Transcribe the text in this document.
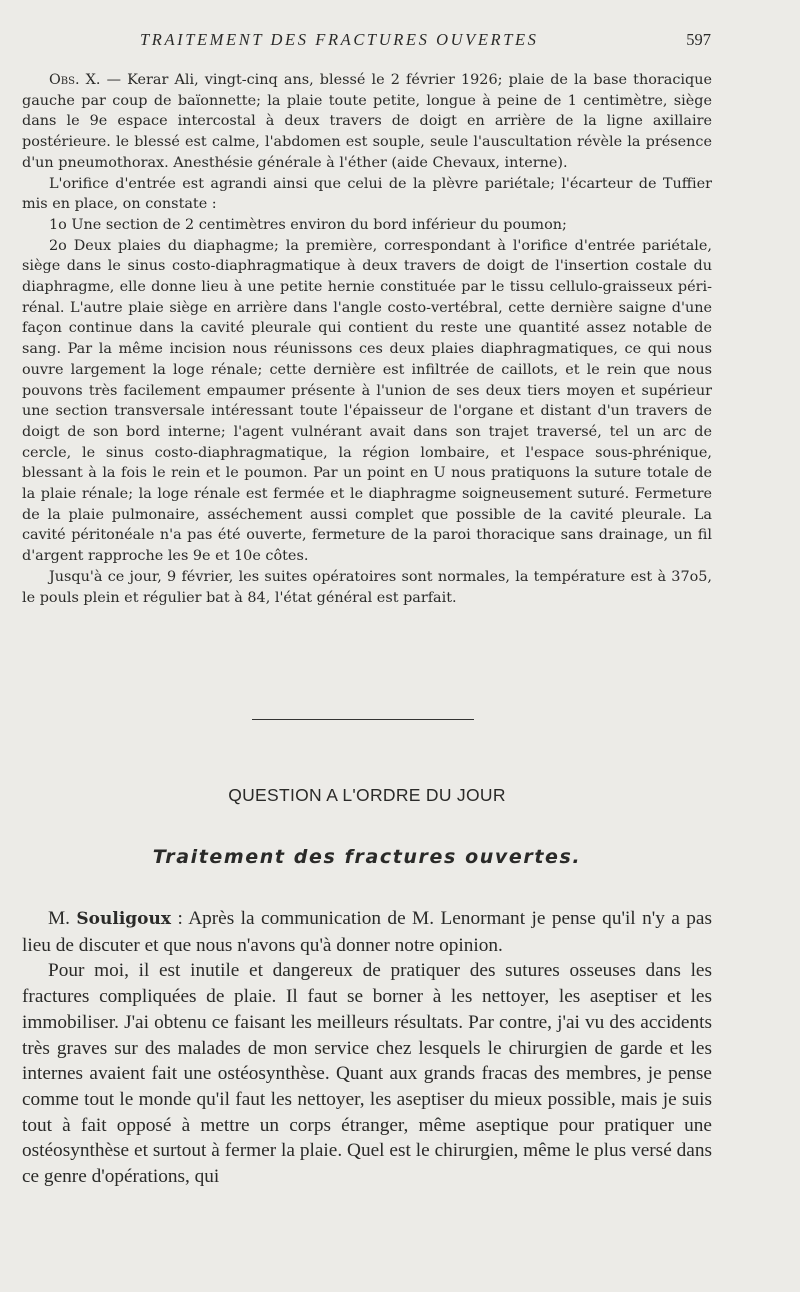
TRAITEMENT DES FRACTURES OUVERTES	597

Obs. X. — Kerar Ali, vingt-cinq ans, blessé le 2 février 1926; plaie de la base thoracique gauche par coup de baïonnette; la plaie toute petite, longue à peine de 1 centimètre, siège dans le 9e espace intercostal à deux travers de doigt en arrière de la ligne axillaire postérieure. le blessé est calme, l'abdomen est souple, seule l'auscultation révèle la présence d'un pneumothorax. Anesthésie générale à l'éther (aide Chevaux, interne).

L'orifice d'entrée est agrandi ainsi que celui de la plèvre pariétale; l'écarteur de Tuffier mis en place, on constate :

1o Une section de 2 centimètres environ du bord inférieur du poumon;

2o Deux plaies du diaphagme; la première, correspondant à l'orifice d'entrée pariétale, siège dans le sinus costo-diaphragmatique à deux travers de doigt de l'insertion costale du diaphragme, elle donne lieu à une petite hernie constituée par le tissu cellulo-graisseux péri-rénal. L'autre plaie siège en arrière dans l'angle costo-vertébral, cette dernière saigne d'une façon continue dans la cavité pleurale qui contient du reste une quantité assez notable de sang. Par la même incision nous réunissons ces deux plaies diaphragmatiques, ce qui nous ouvre largement la loge rénale; cette dernière est infiltrée de caillots, et le rein que nous pouvons très facilement empaumer présente à l'union de ses deux tiers moyen et supérieur une section transversale intéressant toute l'épaisseur de l'organe et distant d'un travers de doigt de son bord interne; l'agent vulnérant avait dans son trajet traversé, tel un arc de cercle, le sinus costo-diaphragmatique, la région lombaire, et l'espace sous-phrénique, blessant à la fois le rein et le poumon. Par un point en U nous pratiquons la suture totale de la plaie rénale; la loge rénale est fermée et le diaphragme soigneusement suturé. Fermeture de la plaie pulmonaire, asséchement aussi complet que possible de la cavité pleurale. La cavité péritonéale n'a pas été ouverte, fermeture de la paroi thoracique sans drainage, un fil d'argent rapproche les 9e et 10e côtes.

Jusqu'à ce jour, 9 février, les suites opératoires sont normales, la température est à 37o5, le pouls plein et régulier bat à 84, l'état général est parfait.

QUESTION A L'ORDRE DU JOUR
Traitement des fractures ouvertes.

M. Souligoux : Après la communication de M. Lenormant je pense qu'il n'y a pas lieu de discuter et que nous n'avons qu'à donner notre opinion.

Pour moi, il est inutile et dangereux de pratiquer des sutures osseuses dans les fractures compliquées de plaie. Il faut se borner à les nettoyer, les aseptiser et les immobiliser. J'ai obtenu ce faisant les meilleurs résultats. Par contre, j'ai vu des accidents très graves sur des malades de mon service chez lesquels le chirurgien de garde et les internes avaient fait une ostéosynthèse. Quant aux grands fracas des membres, je pense comme tout le monde qu'il faut les nettoyer, les aseptiser du mieux possible, mais je suis tout à fait opposé à mettre un corps étranger, même aseptique pour pratiquer une ostéosynthèse et surtout à fermer la plaie. Quel est le chirurgien, même le plus versé dans ce genre d'opérations, qui
